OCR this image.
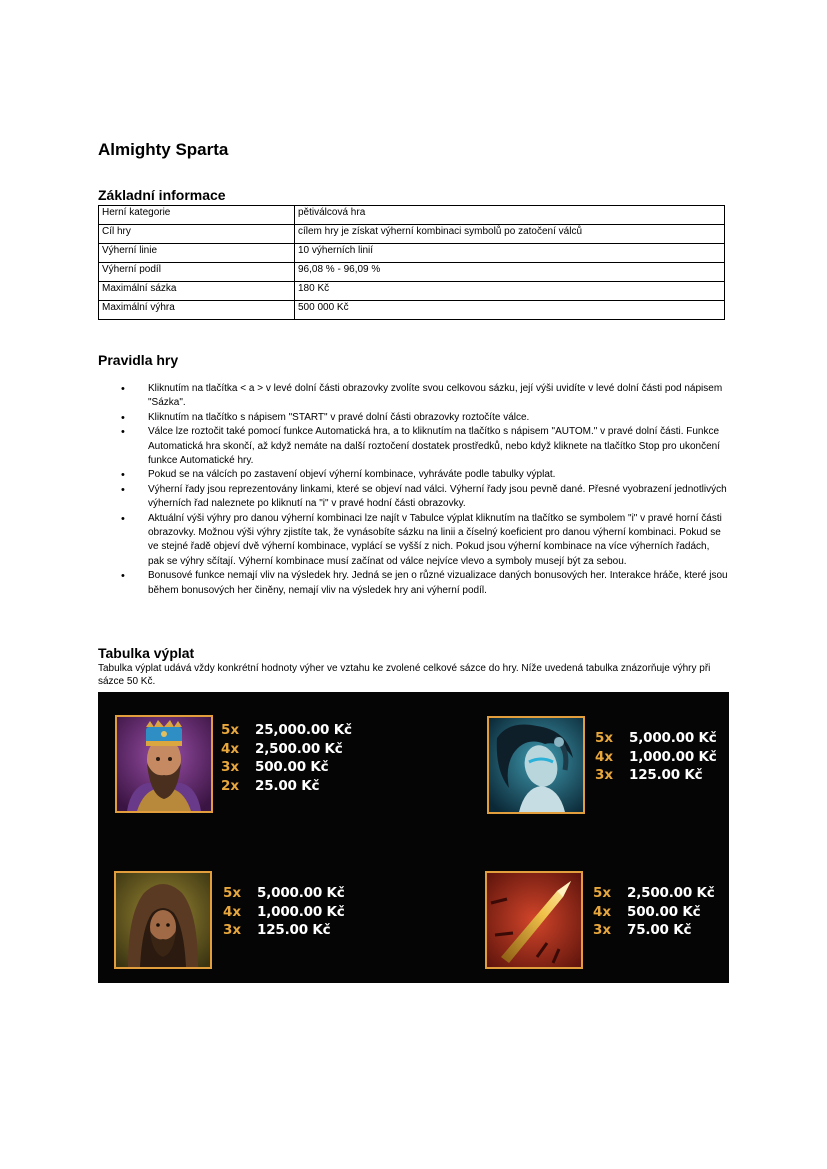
Almighty Sparta
Základní informace
Herní kategorie	pětiválcová hra
Cíl hry	cílem hry je získat výherní kombinaci symbolů po zatočení válců
Výherní linie	10 výherních linií
Výherní podíl	96,08 % - 96,09 %
Maximální sázka	180 Kč
Maximální výhra	500 000 Kč
Pravidla hry
• Kliknutím na tlačítka < a > v levé dolní části obrazovky zvolíte svou celkovou sázku, její výši uvidíte v levé dolní části pod nápisem "Sázka".
• Kliknutím na tlačítko s nápisem "START" v pravé dolní části obrazovky roztočíte válce.
• Válce lze roztočit také pomocí funkce Automatická hra, a to kliknutím na tlačítko s nápisem "AUTOM." v pravé dolní části. Funkce Automatická hra skončí, až když nemáte na další roztočení dostatek prostředků, nebo když kliknete na tlačítko Stop pro ukončení funkce Automatické hry.
• Pokud se na válcích po zastavení objeví výherní kombinace, vyhráváte podle tabulky výplat.
• Výherní řady jsou reprezentovány linkami, které se objeví nad válci. Výherní řady jsou pevně dané. Přesné vyobrazení jednotlivých výherních řad naleznete po kliknutí na "i" v pravé hodní části obrazovky.
• Aktuální výši výhry pro danou výherní kombinaci lze najít v Tabulce výplat kliknutím na tlačítko se symbolem "i" v pravé horní části obrazovky. Možnou výši výhry zjistíte tak, že vynásobíte sázku na linii a číselný koeficient pro danou výherní kombinaci. Pokud se ve stejné řadě objeví dvě výherní kombinace, vyplácí se vyšší z nich. Pokud jsou výherní kombinace na více výherních řadách, pak se výhry sčítají. Výherní kombinace musí začínat od válce nejvíce vlevo a symboly musejí být za sebou.
• Bonusové funkce nemají vliv na výsledek hry. Jedná se jen o různé vizualizace daných bonusových her. Interakce hráče, které jsou během bonusových her činěny, nemají vliv na výsledek hry ani výherní podíl.
Tabulka výplat

Tabulka výplat udává vždy konkrétní hodnoty výher ve vztahu ke zvolené celkové sázce do hry. Níže uvedená tabulka znázorňuje výhry při sázce 50 Kč.

5x 25,000.00 Kč
4x 2,500.00 Kč
3x 500.00 Kč
2x 25.00 Kč
5x 5,000.00 Kč
4x 1,000.00 Kč
3x 125.00 Kč
5x 5,000.00 Kč
4x 1,000.00 Kč
3x 125.00 Kč
5x 2,500.00 Kč
4x 500.00 Kč
3x 75.00 Kč
